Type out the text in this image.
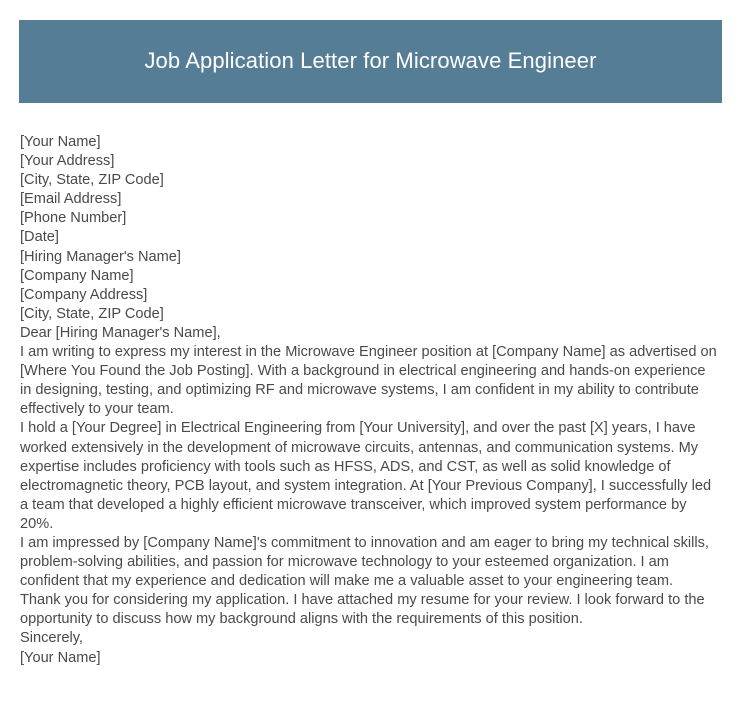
Job Application Letter for Microwave Engineer
[Your Name]
[Your Address]
[City, State, ZIP Code]
[Email Address]
[Phone Number]
[Date]
[Hiring Manager's Name]
[Company Name]
[Company Address]
[City, State, ZIP Code]
Dear [Hiring Manager's Name],

I am writing to express my interest in the Microwave Engineer position at [Company Name] as advertised on [Where You Found the Job Posting]. With a background in electrical engineering and hands-on experience in designing, testing, and optimizing RF and microwave systems, I am confident in my ability to contribute effectively to your team.

I hold a [Your Degree] in Electrical Engineering from [Your University], and over the past [X] years, I have worked extensively in the development of microwave circuits, antennas, and communication systems. My expertise includes proficiency with tools such as HFSS, ADS, and CST, as well as solid knowledge of electromagnetic theory, PCB layout, and system integration. At [Your Previous Company], I successfully led a team that developed a highly efficient microwave transceiver, which improved system performance by 20%.

I am impressed by [Company Name]'s commitment to innovation and am eager to bring my technical skills, problem-solving abilities, and passion for microwave technology to your esteemed organization. I am confident that my experience and dedication will make me a valuable asset to your engineering team.

Thank you for considering my application. I have attached my resume for your review. I look forward to the opportunity to discuss how my background aligns with the requirements of this position.

Sincerely,
[Your Name]
